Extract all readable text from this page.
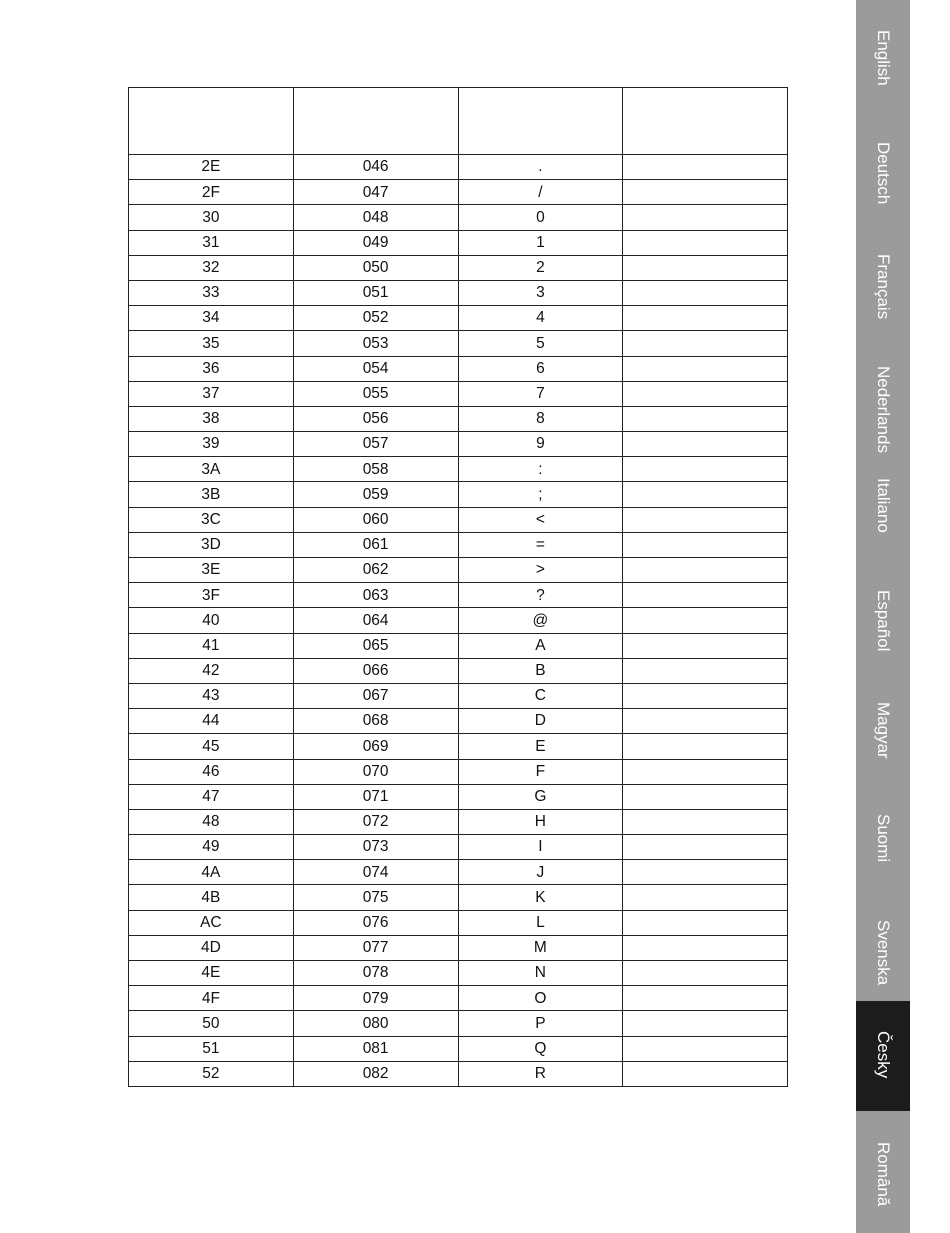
2E	046	.	
2F	047	/	
30	048	0	
31	049	1	
32	050	2	
33	051	3	
34	052	4	
35	053	5	
36	054	6	
37	055	7	
38	056	8	
39	057	9	
3A	058	:	
3B	059	;	
3C	060	<	
3D	061	=	
3E	062	>	
3F	063	?	
40	064	@	
41	065	A	
42	066	B	
43	067	C	
44	068	D	
45	069	E	
46	070	F	
47	071	G	
48	072	H	
49	073	I	
4A	074	J	
4B	075	K	
AC	076	L	
4D	077	M	
4E	078	N	
4F	079	O	
50	080	P	
51	081	Q	
52	082	R	
English
Deutsch
Français
Nederlands
Italiano
Español
Magyar
Suomi
Svenska
Česky
Română
